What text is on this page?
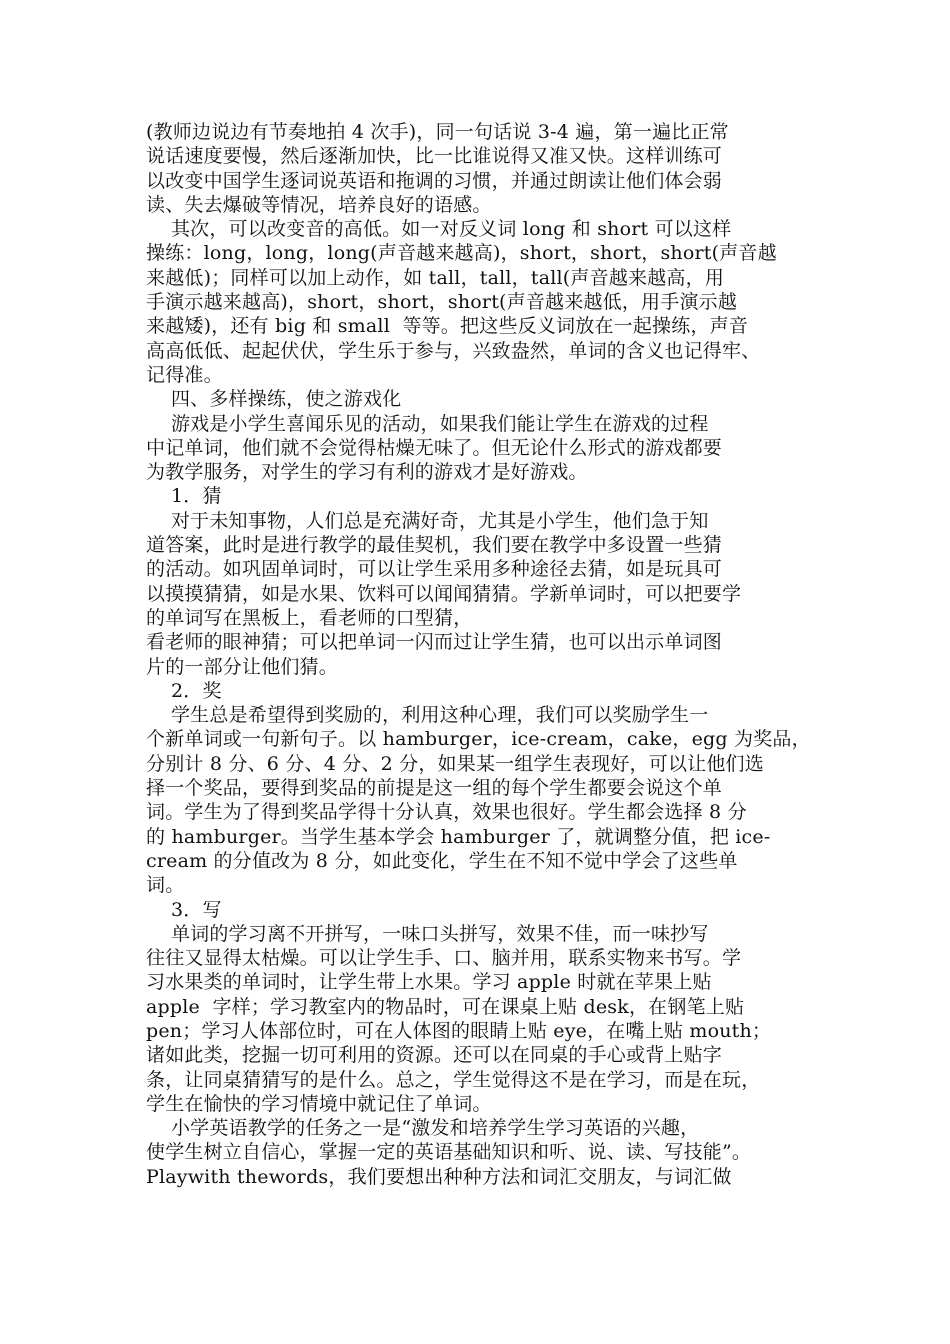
(教师边说边有节奏地拍 4 次手)，同一句话说 3-4 遍，第一遍比正常
说话速度要慢，然后逐渐加快，比一比谁说得又准又快。这样训练可
以改变中国学生逐词说英语和拖调的习惯，并通过朗读让他们体会弱
读、失去爆破等情况，培养良好的语感。
其次，可以改变音的高低。如一对反义词 long 和 short 可以这样
操练：long，long，long(声音越来越高)，short，short，short(声音越
来越低)；同样可以加上动作，如 tall，tall，tall(声音越来越高，用
手演示越来越高)，short，short，short(声音越来越低，用手演示越
来越矮)，还有 big 和 small  等等。把这些反义词放在一起操练，声音
高高低低、起起伏伏，学生乐于参与，兴致盎然，单词的含义也记得牢、
记得准。
四、多样操练，使之游戏化
游戏是小学生喜闻乐见的活动，如果我们能让学生在游戏的过程
中记单词，他们就不会觉得枯燥无味了。但无论什么形式的游戏都要
为教学服务，对学生的学习有利的游戏才是好游戏。
1．猜
对于未知事物，人们总是充满好奇，尤其是小学生，他们急于知
道答案，此时是进行教学的最佳契机，我们要在教学中多设置一些猜
的活动。如巩固单词时，可以让学生采用多种途径去猜，如是玩具可
以摸摸猜猜，如是水果、饮料可以闻闻猜猜。学新单词时，可以把要学
的单词写在黑板上，看老师的口型猜，
看老师的眼神猜；可以把单词一闪而过让学生猜，也可以出示单词图
片的一部分让他们猜。
2．奖
学生总是希望得到奖励的，利用这种心理，我们可以奖励学生一
个新单词或一句新句子。以 hamburger，ice-cream，cake，egg 为奖品，
分别计 8 分、6 分、4 分、2 分，如果某一组学生表现好，可以让他们选
择一个奖品，要得到奖品的前提是这一组的每个学生都要会说这个单
词。学生为了得到奖品学得十分认真，效果也很好。学生都会选择 8 分
的 hamburger。当学生基本学会 hamburger 了，就调整分值，把 ice-
cream 的分值改为 8 分，如此变化，学生在不知不觉中学会了这些单
词。
3．写
单词的学习离不开拼写，一味口头拼写，效果不佳，而一味抄写
往往又显得太枯燥。可以让学生手、口、脑并用，联系实物来书写。学
习水果类的单词时，让学生带上水果。学习 apple 时就在苹果上贴
apple  字样；学习教室内的物品时，可在课桌上贴 desk，在钢笔上贴
pen；学习人体部位时，可在人体图的眼睛上贴 eye，在嘴上贴 mouth；
诸如此类，挖掘一切可利用的资源。还可以在同桌的手心或背上贴字
条，让同桌猜猜写的是什么。总之，学生觉得这不是在学习，而是在玩，
学生在愉快的学习情境中就记住了单词。
小学英语教学的任务之一是“激发和培养学生学习英语的兴趣，
使学生树立自信心，掌握一定的英语基础知识和听、说、读、写技能”。
Playwith thewords，我们要想出种种方法和词汇交朋友，与词汇做
